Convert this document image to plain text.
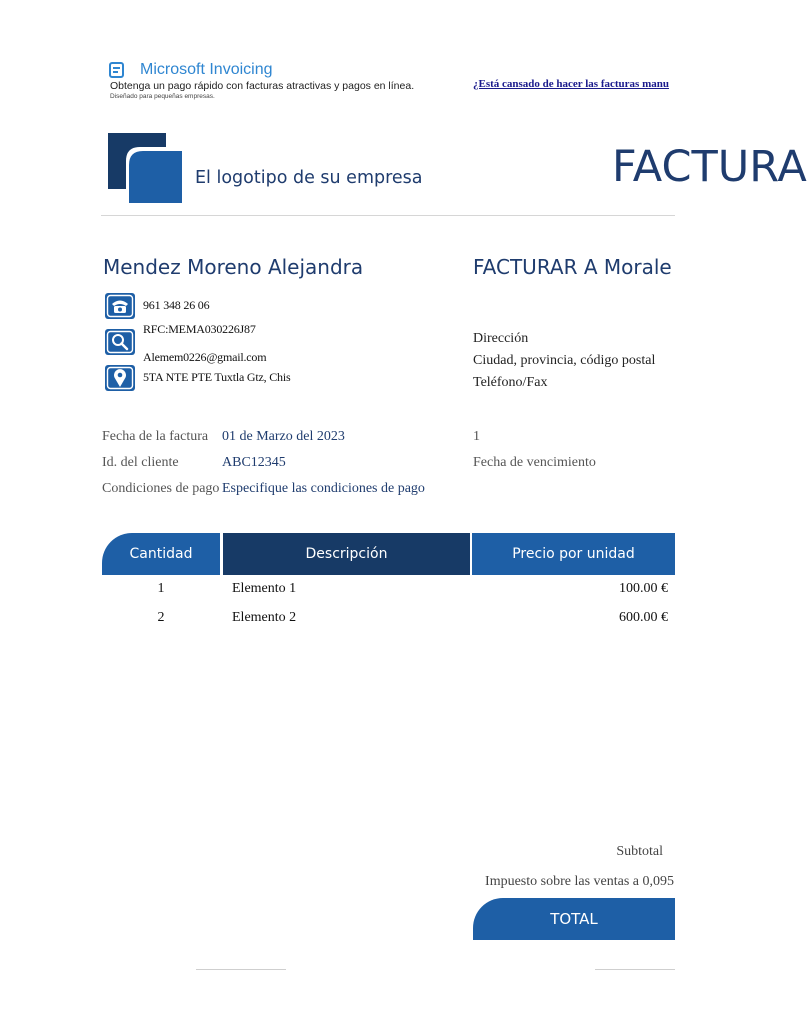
Microsoft Invoicing
Obtenga un pago rápido con facturas atractivas y pagos en línea.
Diseñado para pequeñas empresas.
¿Está cansado de hacer las facturas manu
El logotipo de su empresa	FACTURA
Mendez Moreno Alejandra
961 348 26 06
RFC:MEMA030226J87
Alemem0226@gmail.com
5TA NTE PTE Tuxtla Gtz, Chis
FACTURAR A Morale
Dirección
Ciudad, provincia, código postal
Teléfono/Fax
Fecha de la factura 01 de Marzo del 2023
Id. del cliente	ABC12345
Condiciones de pago Especifique las condiciones de pago
1
Fecha de vencimiento
Cantidad	Descripción	Precio por unidad
1	Elemento 1	100.00 €
2	Elemento 2	600.00 €
Subtotal
Impuesto sobre las ventas a 0,095
TOTAL
